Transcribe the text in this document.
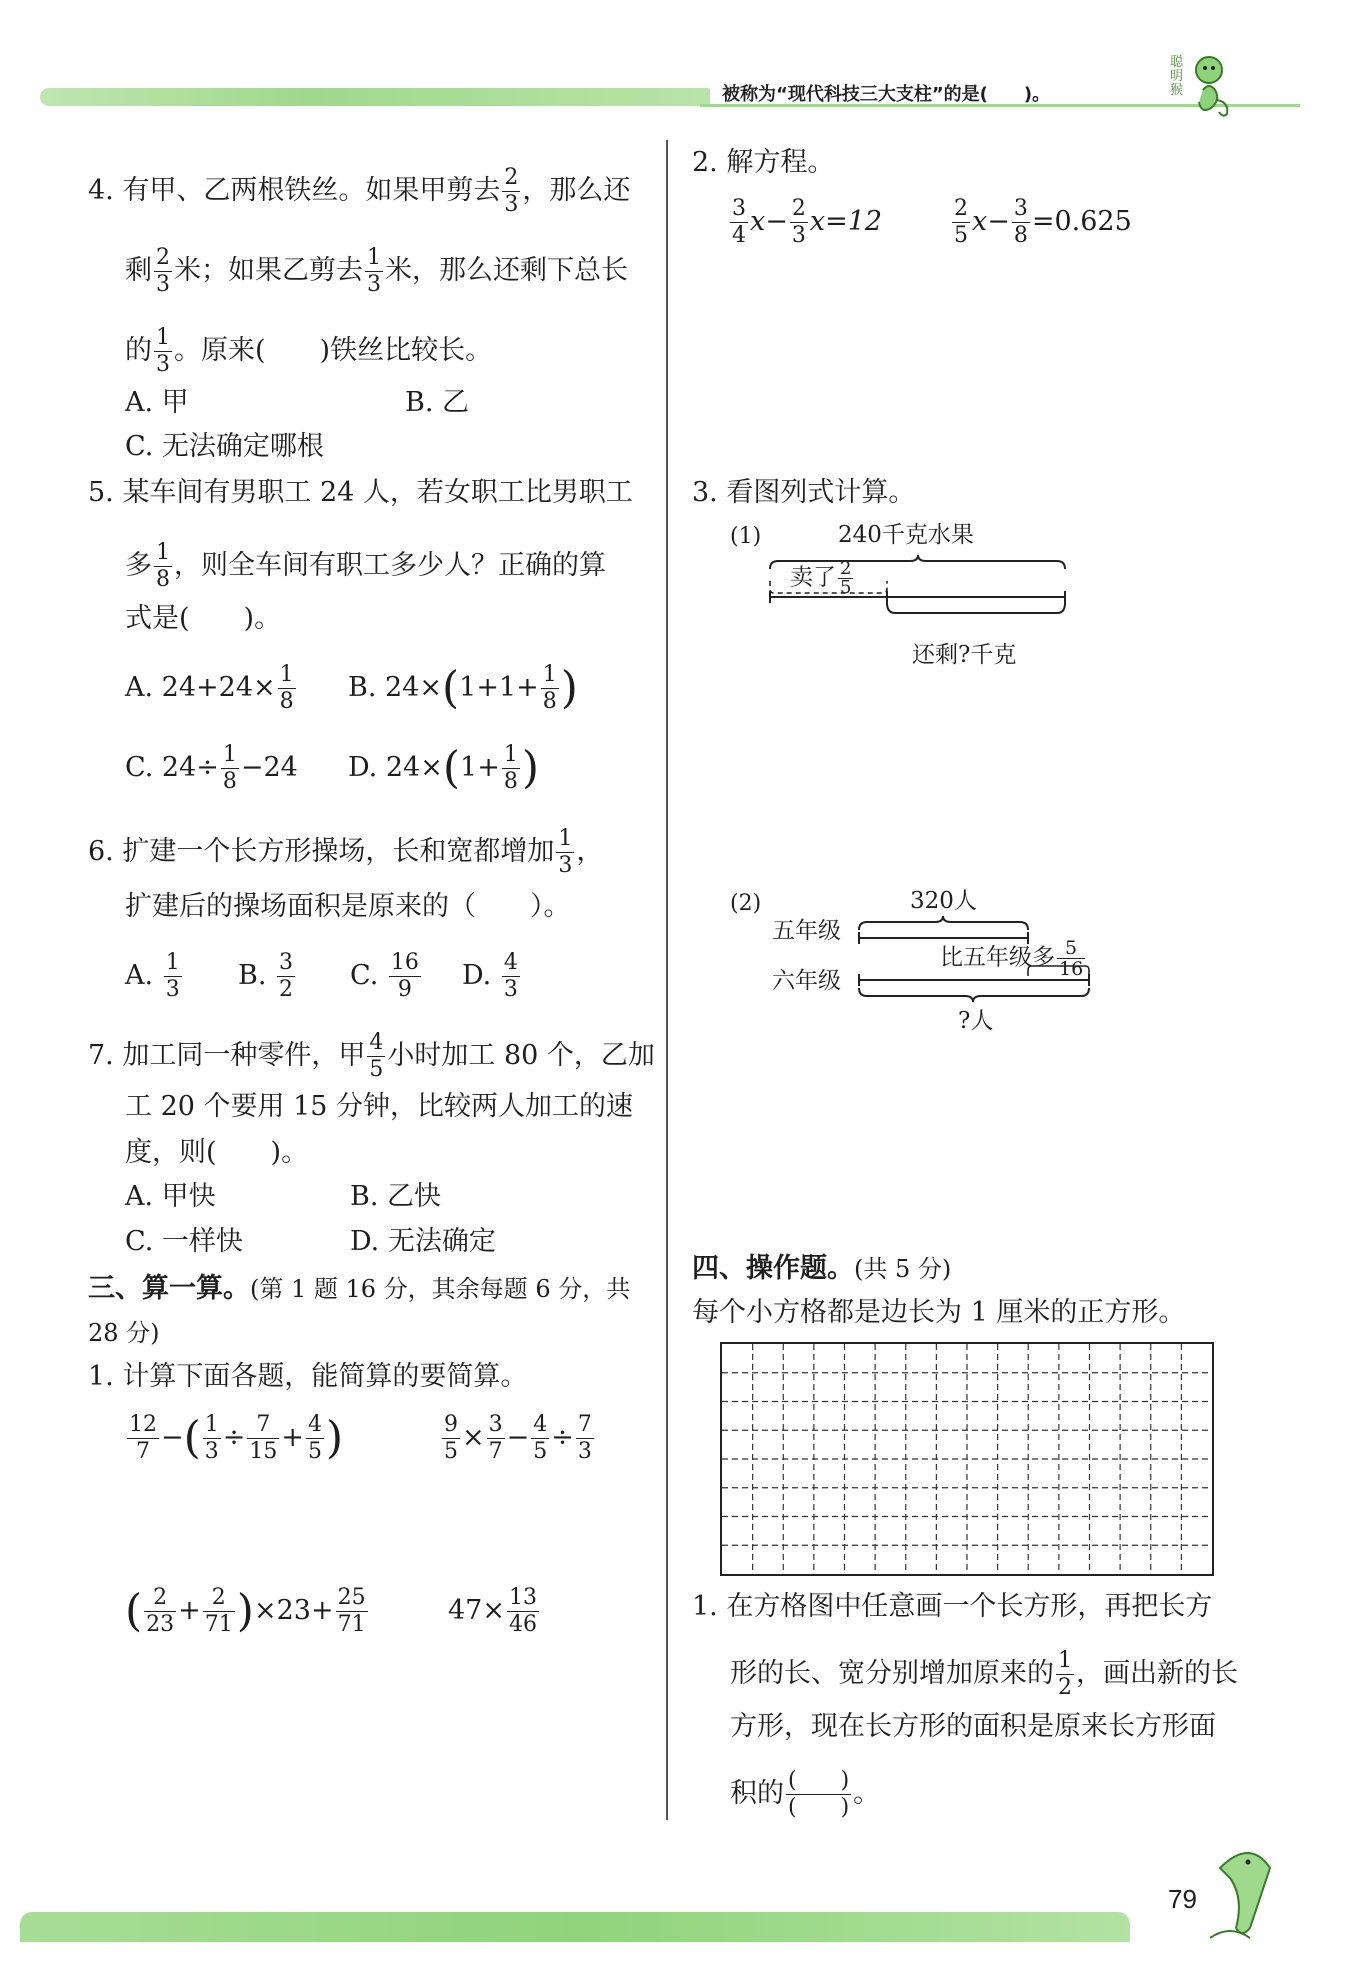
被称为“现代科技三大支柱”的是(　　)。
聪明猴
79
4. 有甲、乙两根铁丝。如果甲剪去 $\frac{2}{3}$ ，那么还
剩 $\frac{2}{3}$ 米；如果乙剪去 $\frac{1}{3}$ 米，那么还剩下总长
的 $\frac{1}{3}$ 。原来(　　)铁丝比较长。
A. 甲	B. 乙
C. 无法确定哪根
5. 某车间有男职工 24 人，若女职工比男职工
多 $\frac{1}{8}$ ，则全车间有职工多少人？正确的算
式是(　　)。
A. $24+24\times \frac{1}{8} B$. $24\times(1+1+ \frac{1}{8}$ )
C. $24\div \frac{1}{8} -24$ D. $24\times(1+ \frac{1}{8}$ )
6. 扩建一个长方形操场，长和宽都增加 $\frac{1}{3}$ ，
扩建后的操场面积是原来的（　　）。
A. $\frac{1}{3} B$. $\frac{3}{2} C$. $\frac{16}{9} D$. $\frac{4}{3}$
7. 加工同一种零件，甲 $\frac{4}{5}$ 小时加工 80 个，乙加
工 20 个要用 15 分钟，比较两人加工的速
度，则(　　)。
A. 甲快	B. 乙快
C. 一样快	D. 无法确定
三、算一算。(第 1 题 16 分，其余每题 6 分，共
28 分)
1. 计算下面各题，能简算的要简算。
$\frac{12}{7}$ −( $\frac{1}{3} \div \frac{7}{15} + \frac{4}{5}$ )	$\frac{9}{5} \times \frac{3}{7} - \frac{4}{5} \div \frac{7}{3}$
( $\frac{2}{23} + \frac{2}{71} )\times 23+ \frac{25}{71}$	$47\times \frac{13}{46}$
2. 解方程。
$\frac{3}{4} x- \frac{2}{3} x=12$	$\frac{2}{5} x- \frac{3}{8} =0.625$
3. 看图列式计算。
(1)	240千克水果
卖了 $\frac{2}{5}$
还剩?千克
(2)	320人
五年级
六年级
比五年级多 $\frac{5}{16}$
?人
四、操作题。(共 5 分)
每个小方格都是边长为 1 厘米的正方形。
1. 在方格图中任意画一个长方形，再把长方
形的长、宽分别增加原来的 $\frac{1}{2}$ ，画出新的长
方形，现在长方形的面积是原来长方形面
积的 $\frac{( )}{( )}$ 。
